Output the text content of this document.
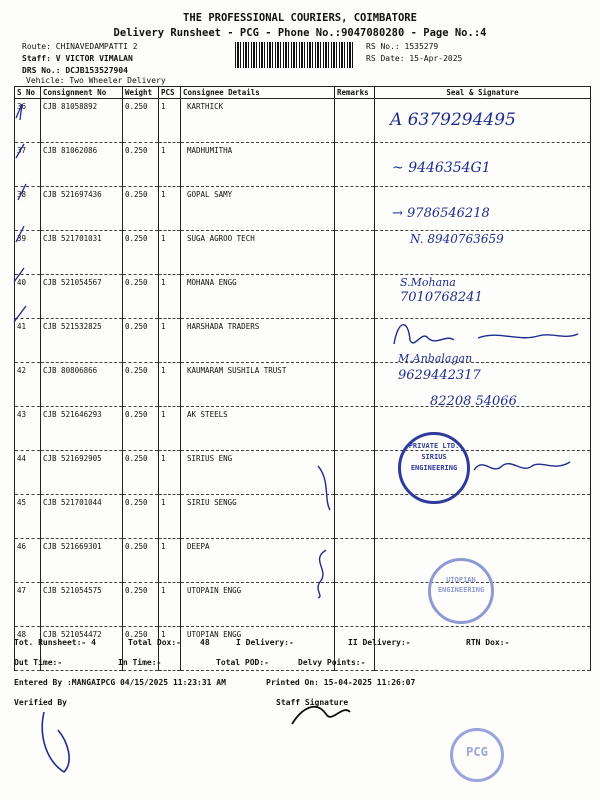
THE PROFESSIONAL COURIERS, COIMBATORE
Delivery Runsheet - PCG - Phone No.:9047080280 - Page No.:4
Route: CHINAVEDAMPATTI 2
Staff: V VICTOR VIMALAN
DRS No.: DCJB153527904
Vehicle: Two Wheeler Delivery
RS No.: 1535279
RS Date: 15-Apr-2025
S No	Consignment No	Weight	PCS	Consignee Details	Remarks	Seal & Signature
36	CJB 81058892	0.250	1	KARTHICK		
37	CJB 81062086	0.250	1	MADHUMITHA		
38	CJB 521697436	0.250	1	GOPAL SAMY		
39	CJB 521701031	0.250	1	SUGA AGROO TECH		
40	CJB 521054567	0.250	1	MOHANA ENGG		
41	CJB 521532825	0.250	1	HARSHADA TRADERS		
42	CJB 80806866	0.250	1	KAUMARAM SUSHILA TRUST		
43	CJB 521646293	0.250	1	AK STEELS		
44	CJB 521692905	0.250	1	SIRIUS ENG		
45	CJB 521701044	0.250	1	SIRIU SENGG		
46	CJB 521669301	0.250	1	DEEPA		
47	CJB 521054575	0.250	1	UTOPAIN ENGG		
48	CJB 521054472	0.250	1	UTOPIAN ENGG		
A​ 6379294495
~ 9446354G1
→ 9786546218
N. 8940763659
S.Mohana
7010768241
M.Anbalagan
9629442317
82208 54066
PRIVATE LTD. SIRIUS ENGINEERING
UTOPIAN ENGINEERING
PCG
Tot. Runsheet:- 4	Total Dox:- 48	I Delivery:-	II Delivery:-	RTN Dox:-
Out Time:-	In Time:-	Total POD:-	Delvy Points:-
Entered By :MANGAIPCG 04/15/2025 11:23:31 AM	Printed On: 15-04-2025 11:26:07
Verified By	Staff Signature
